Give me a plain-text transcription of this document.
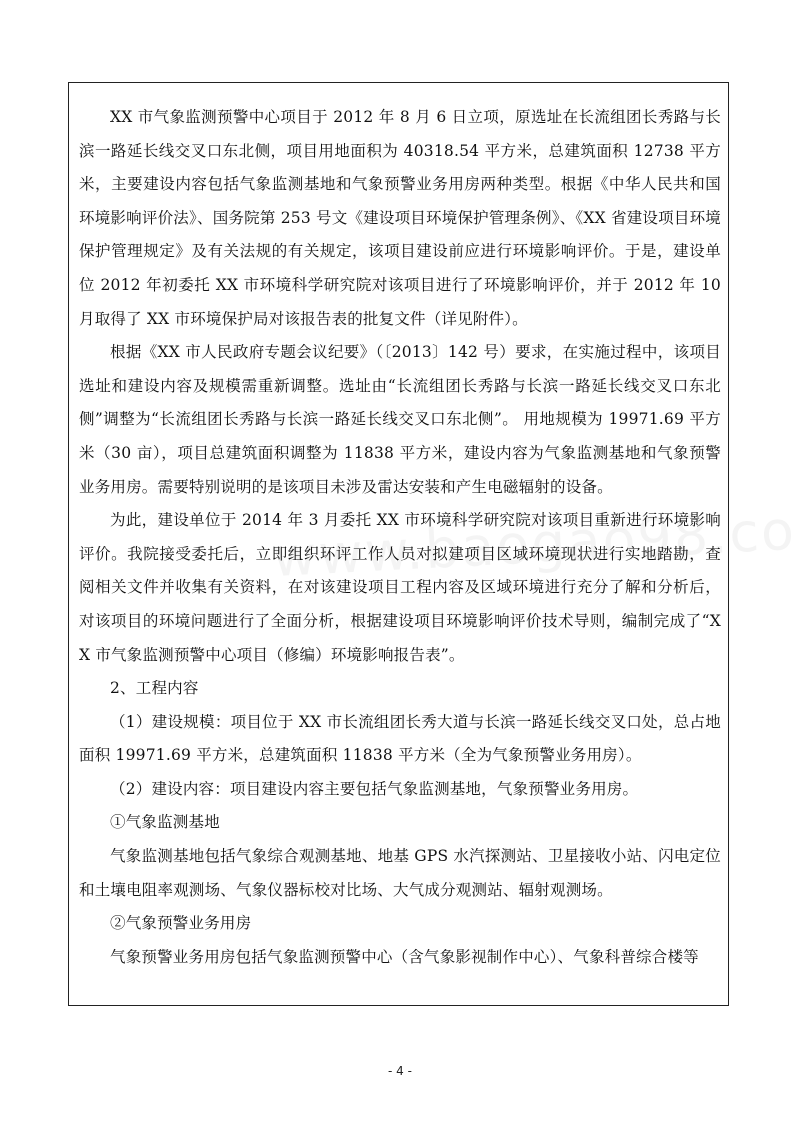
XX 市气象监测预警中心项目于 2012 年 8 月 6 日立项，原选址在长流组团长秀路与长滨一路延长线交叉口东北侧，项目用地面积为 40318.54 平方米，总建筑面积 12738 平方米，主要建设内容包括气象监测基地和气象预警业务用房两种类型。根据《中华人民共和国环境影响评价法》、国务院第 253 号文《建设项目环境保护管理条例》、《XX 省建设项目环境保护管理规定》及有关法规的有关规定，该项目建设前应进行环境影响评价。于是，建设单位 2012 年初委托 XX 市环境科学研究院对该项目进行了环境影响评价，并于 2012 年 10 月取得了 XX 市环境保护局对该报告表的批复文件（详见附件）。

根据《XX 市人民政府专题会议纪要》（〔2013〕142 号）要求，在实施过程中，该项目选址和建设内容及规模需重新调整。选址由“长流组团长秀路与长滨一路延长线交叉口东北侧”调整为“长流组团长秀路与长滨一路延长线交叉口东北侧”。 用地规模为 19971.69 平方米（30 亩），项目总建筑面积调整为 11838 平方米，建设内容为气象监测基地和气象预警业务用房。需要特别说明的是该项目未涉及雷达安装和产生电磁辐射的设备。

为此，建设单位于 2014 年 3 月委托 XX 市环境科学研究院对该项目重新进行环境影响评价。我院接受委托后，立即组织环评工作人员对拟建项目区域环境现状进行实地踏勘，查阅相关文件并收集有关资料，在对该建设项目工程内容及区域环境进行充分了解和分析后，对该项目的环境问题进行了全面分析，根据建设项目环境影响评价技术导则，编制完成了“XX 市气象监测预警中心项目（修编）环境影响报告表”。

2、工程内容

（1）建设规模：项目位于 XX 市长流组团长秀大道与长滨一路延长线交叉口处，总占地面积 19971.69 平方米，总建筑面积 11838 平方米（全为气象预警业务用房）。

（2）建设内容：项目建设内容主要包括气象监测基地，气象预警业务用房。

①气象监测基地

气象监测基地包括气象综合观测基地、地基 GPS 水汽探测站、卫星接收小站、闪电定位和土壤电阻率观测场、气象仪器标校对比场、大气成分观测站、辐射观测场。

②气象预警业务用房

气象预警业务用房包括气象监测预警中心（含气象影视制作中心）、气象科普综合楼等

- 4 -
